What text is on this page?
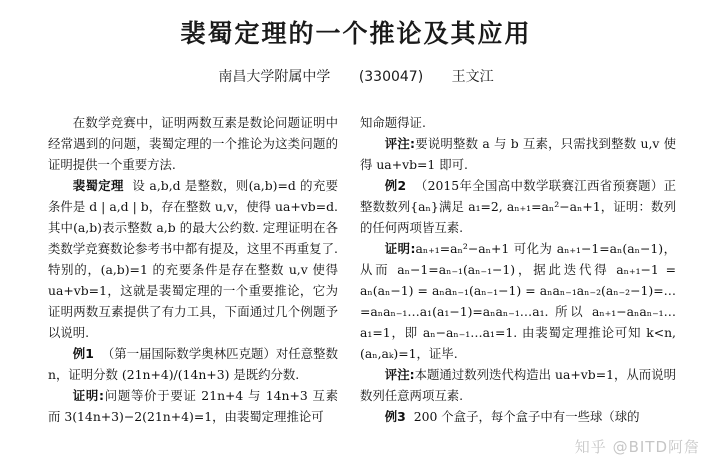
裴蜀定理的一个推论及其应用
南昌大学附属中学 (330047) 王文江

在数学竞赛中，证明两数互素是数论问题证明中经常遇到的问题，裴蜀定理的一个推论为这类问题的证明提供一个重要方法.

裴蜀定理 设 a,b,d 是整数，则(a,b)=d 的充要条件是 d | a,d | b，存在整数 u,v，使得 ua+vb=d. 其中(a,b)表示整数 a,b 的最大公约数. 定理证明在各类数学竞赛数论参考书中都有提及，这里不再重复了. 特别的，(a,b)=1 的充要条件是存在整数 u,v 使得 ua+vb=1，这就是裴蜀定理的一个重要推论，它为证明两数互素提供了有力工具，下面通过几个例题予以说明.

例1 （第一届国际数学奥林匹克题）对任意整数 n，证明分数 (21n+4)/(14n+3) 是既约分数.

证明:问题等价于要证 21n+4 与 14n+3 互素 而 3(14n+3)−2(21n+4)=1，由裴蜀定理推论可

知命题得证.

评注:要说明整数 a 与 b 互素，只需找到整数 u,v 使得 ua+vb=1 即可.

例2 （2015年全国高中数学联赛江西省预赛题）正整数数列{aₙ}满足 a₁=2, aₙ₊₁=aₙ²−aₙ+1，证明：数列的任何两项皆互素.

证明:aₙ₊₁=aₙ²−aₙ+1 可化为 aₙ₊₁−1=aₙ(aₙ−1)，从而 aₙ−1=aₙ₋₁(aₙ₋₁−1)，据此迭代得 aₙ₊₁−1 = aₙ(aₙ−1) = aₙaₙ₋₁(aₙ₋₁−1) = aₙaₙ₋₁aₙ₋₂(aₙ₋₂−1)=…=aₙaₙ₋₁…a₁(a₁−1)=aₙaₙ₋₁…a₁. 所以 aₙ₊₁−aₙaₙ₋₁…a₁=1，即 aₙ−aₙ₋₁…a₁=1. 由裴蜀定理推论可知 k<n,(aₙ,aₖ)=1，证毕.

评注:本题通过数列迭代构造出 ua+vb=1，从而说明数列任意两项互素.

例3 200 个盒子，每个盒子中有一些球（球的

知乎 @BITD阿詹
